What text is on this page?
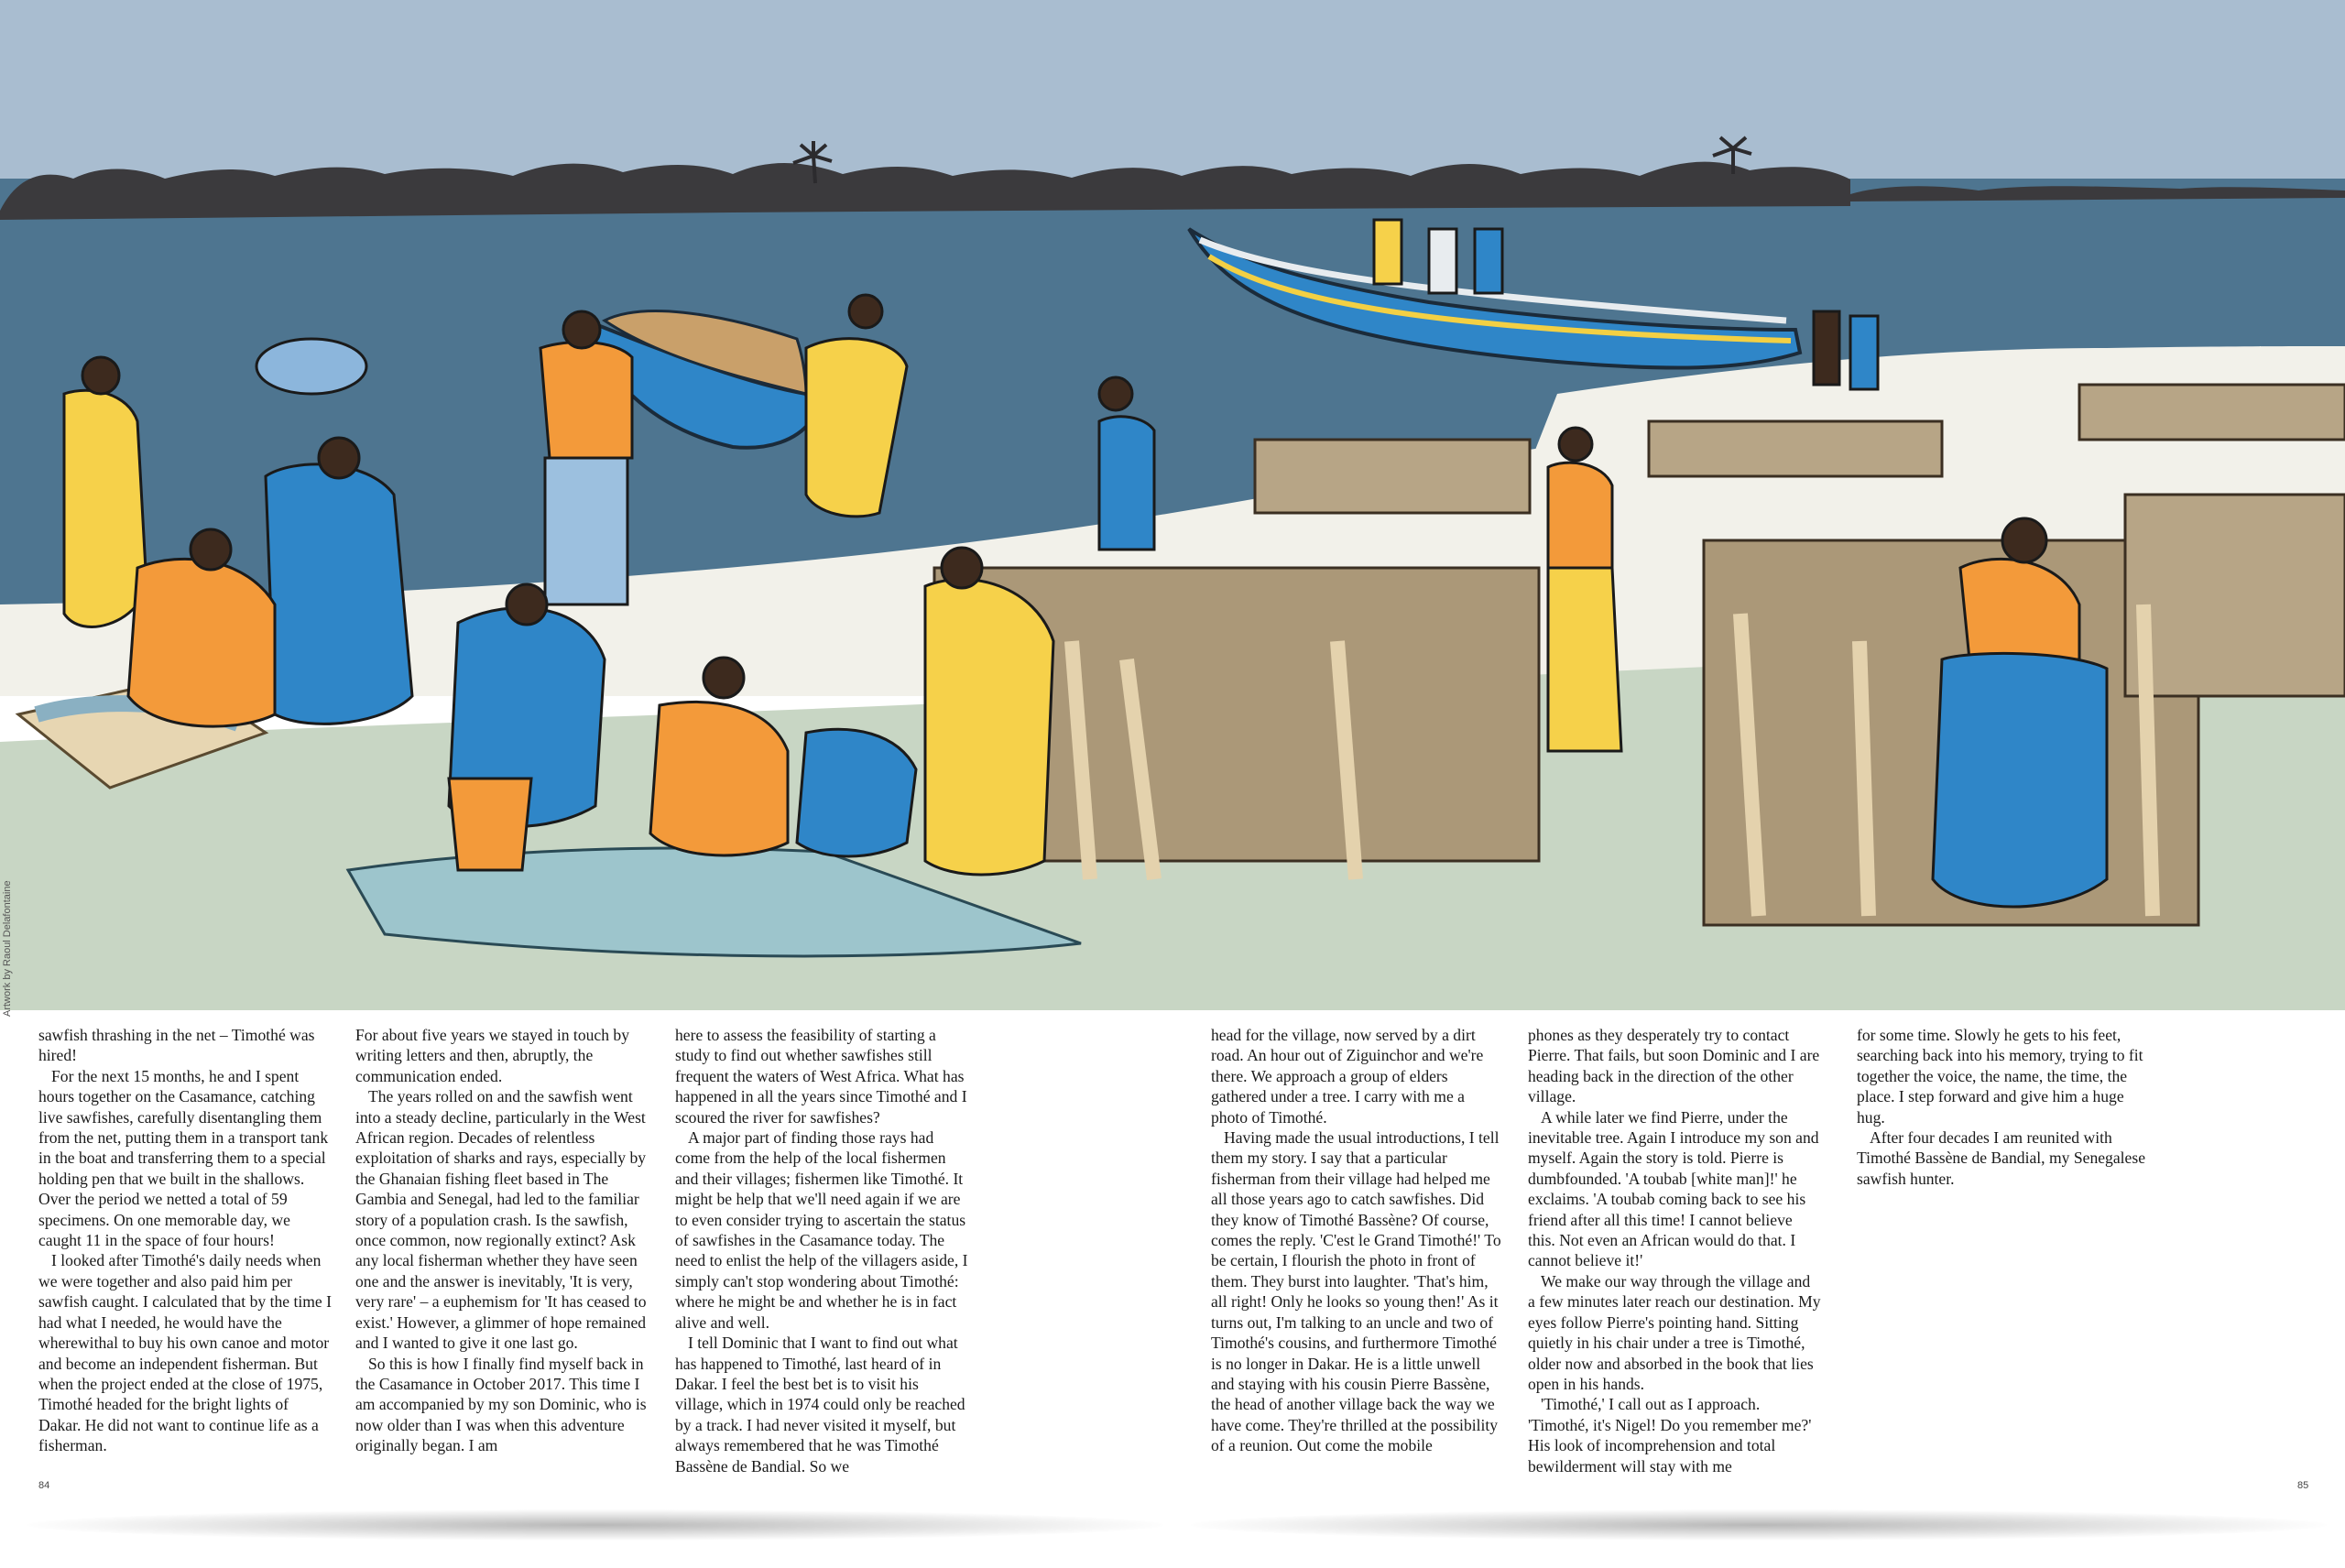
Artwork by Raoul Delafontaine

sawfish thrashing in the net – Timothé was hired!

For the next 15 months, he and I spent hours together on the Casamance, catching live sawfishes, carefully disentangling them from the net, putting them in a transport tank in the boat and transferring them to a special holding pen that we built in the shallows. Over the period we netted a total of 59 specimens. On one memorable day, we caught 11 in the space of four hours!

I looked after Timothé's daily needs when we were together and also paid him per sawfish caught. I calculated that by the time I had what I needed, he would have the wherewithal to buy his own canoe and motor and become an independent fisherman. But when the project ended at the close of 1975, Timothé headed for the bright lights of Dakar. He did not want to continue life as a fisherman.

For about five years we stayed in touch by writing letters and then, abruptly, the communication ended.

The years rolled on and the sawfish went into a steady decline, particularly in the West African region. Decades of relentless exploitation of sharks and rays, especially by the Ghanaian fishing fleet based in The Gambia and Senegal, had led to the familiar story of a population crash. Is the sawfish, once common, now regionally extinct? Ask any local fisherman whether they have seen one and the answer is inevitably, 'It is very, very rare' – a euphemism for 'It has ceased to exist.' However, a glimmer of hope remained and I wanted to give it one last go.

So this is how I finally find myself back in the Casamance in October 2017. This time I am accompanied by my son Dominic, who is now older than I was when this adventure originally began. I am

here to assess the feasibility of starting a study to find out whether sawfishes still frequent the waters of West Africa. What has happened in all the years since Timothé and I scoured the river for sawfishes?

A major part of finding those rays had come from the help of the local fishermen and their villages; fishermen like Timothé. It might be help that we'll need again if we are to even consider trying to ascertain the status of sawfishes in the Casamance today. The need to enlist the help of the villagers aside, I simply can't stop wondering about Timothé: where he might be and whether he is in fact alive and well.

I tell Dominic that I want to find out what has happened to Timothé, last heard of in Dakar. I feel the best bet is to visit his village, which in 1974 could only be reached by a track. I had never visited it myself, but always remembered that he was Timothé Bassène de Bandial. So we

head for the village, now served by a dirt road. An hour out of Ziguinchor and we're there. We approach a group of elders gathered under a tree. I carry with me a photo of Timothé.

Having made the usual introductions, I tell them my story. I say that a particular fisherman from their village had helped me all those years ago to catch sawfishes. Did they know of Timothé Bassène? Of course, comes the reply. 'C'est le Grand Timothé!' To be certain, I flourish the photo in front of them. They burst into laughter. 'That's him, all right! Only he looks so young then!' As it turns out, I'm talking to an uncle and two of Timothé's cousins, and furthermore Timothé is no longer in Dakar. He is a little unwell and staying with his cousin Pierre Bassène, the head of another village back the way we have come. They're thrilled at the possibility of a reunion. Out come the mobile

phones as they desperately try to contact Pierre. That fails, but soon Dominic and I are heading back in the direction of the other village.

A while later we find Pierre, under the inevitable tree. Again I introduce my son and myself. Again the story is told. Pierre is dumbfounded. 'A toubab [white man]!' he exclaims. 'A toubab coming back to see his friend after all this time! I cannot believe this. Not even an African would do that. I cannot believe it!'

We make our way through the village and a few minutes later reach our destination. My eyes follow Pierre's pointing hand. Sitting quietly in his chair under a tree is Timothé, older now and absorbed in the book that lies open in his hands.

'Timothé,' I call out as I approach. 'Timothé, it's Nigel! Do you remember me?' His look of incomprehension and total bewilderment will stay with me

for some time. Slowly he gets to his feet, searching back into his memory, trying to fit together the voice, the name, the time, the place. I step forward and give him a huge hug.

After four decades I am reunited with Timothé Bassène de Bandial, my Senegalese sawfish hunter.

84	85
